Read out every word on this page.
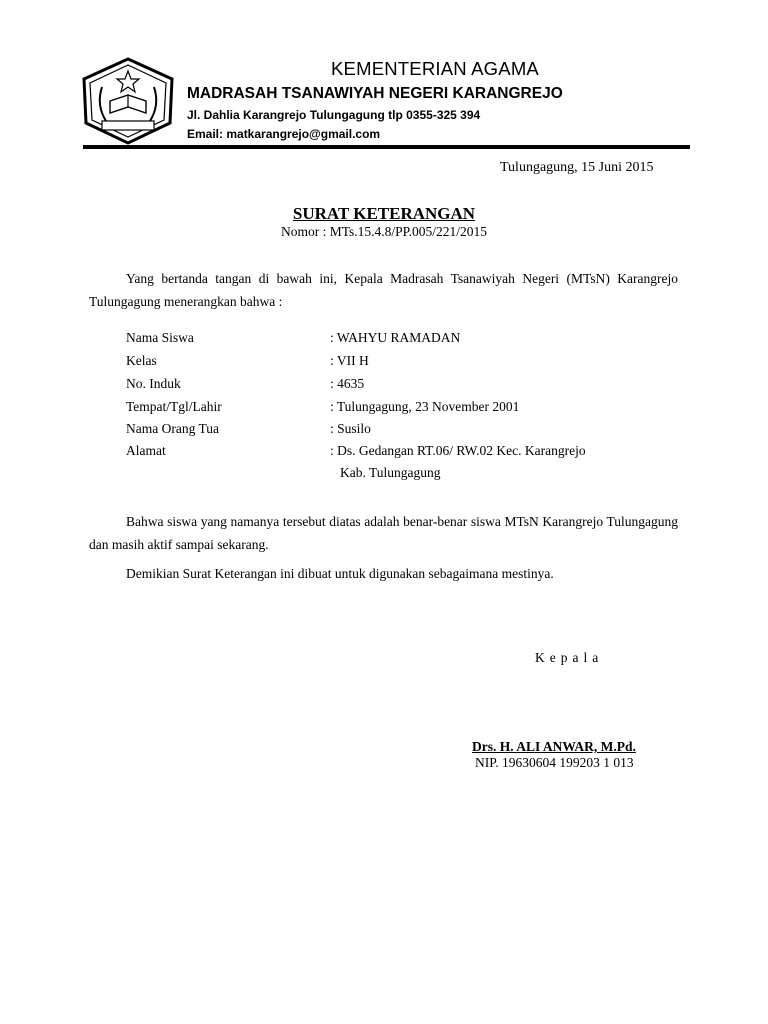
KEMENTERIAN AGAMA
MADRASAH TSANAWIYAH NEGERI KARANGREJO
Jl. Dahlia Karangrejo Tulungagung tlp 0355-325 394
Email: matkarangrejo@gmail.com
Tulungagung, 15 Juni 2015
SURAT KETERANGAN
Nomor : MTs.15.4.8/PP.005/221/2015
Yang bertanda tangan di bawah ini, Kepala Madrasah Tsanawiyah Negeri (MTsN) Karangrejo Tulungagung menerangkan bahwa :
Nama Siswa	: WAHYU RAMADAN
Kelas	: VII H
No. Induk	: 4635
Tempat/Tgl/Lahir	: Tulungagung, 23 November 2001
Nama Orang Tua	: Susilo
Alamat	: Ds. Gedangan RT.06/ RW.02 Kec. Karangrejo
Kab. Tulungagung
Bahwa siswa yang namanya tersebut diatas adalah benar-benar siswa MTsN Karangrejo Tulungagung dan masih aktif sampai sekarang.
Demikian Surat Keterangan ini dibuat untuk digunakan sebagaimana mestinya.
Kepala
Drs. H. ALI ANWAR, M.Pd.
NIP. 19630604 199203 1 013
